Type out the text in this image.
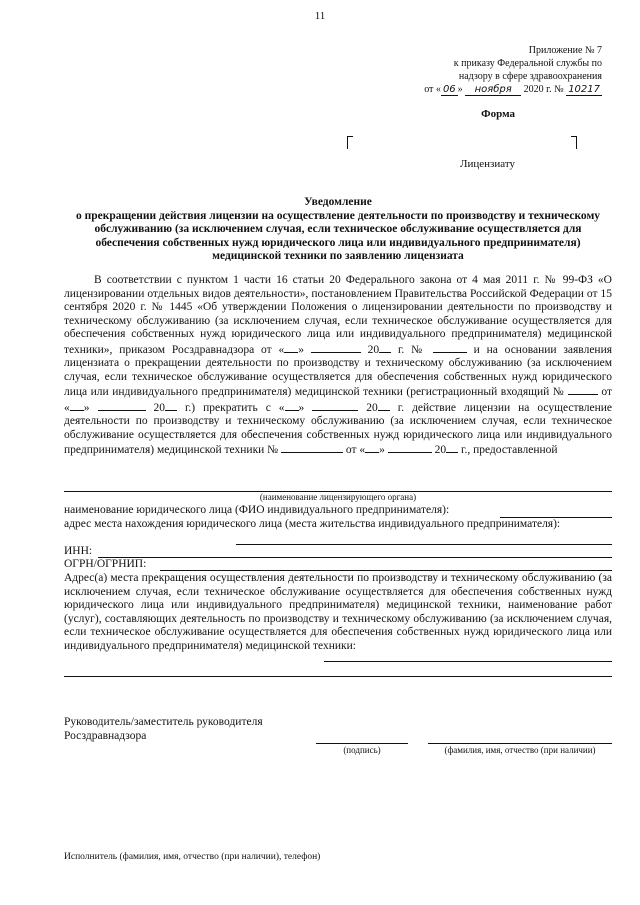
11
Приложение № 7
к приказу Федеральной службы по
надзору в сфере здравоохранения
от « 06 » ноября 2020 г. № 10217
Форма
Лицензиату
Уведомление
о прекращении действия лицензии на осуществление деятельности по производству и техническому обслуживанию (за исключением случая, если техническое обслуживание осуществляется для обеспечения собственных нужд юридического лица или индивидуального предпринимателя) медицинской техники по заявлению лицензиата

В соответствии с пунктом 1 части 16 статьи 20 Федерального закона от 4 мая 2011 г. № 99-ФЗ «О лицензировании отдельных видов деятельности», постановлением Правительства Российской Федерации от 15 сентября 2020 г. № 1445 «Об утверждении Положения о лицензировании деятельности по производству и техническому обслуживанию (за исключением случая, если техническое обслуживание осуществляется для обеспечения собственных нужд юридического лица или индивидуального предпринимателя) медицинской техники», приказом Росздравнадзора от « »	20 г. №	и на основании заявления лицензиата о прекращении деятельности по производству и техническому обслуживанию (за исключением случая, если техническое обслуживание осуществляется для обеспечения собственных нужд юридического лица или индивидуального предпринимателя) медицинской техники (регистрационный входящий №	от « »	20 г.) прекратить с « »	20 г. действие лицензии на осуществление деятельности по производству и техническому обслуживанию (за исключением случая, если техническое обслуживание осуществляется для обеспечения собственных нужд юридического лица или индивидуального предпринимателя) медицинской техники №	от « »	20 г., предоставленной

(наименование лицензирующего органа)
наименование юридического лица (ФИО индивидуального предпринимателя):
адрес места нахождения юридического лица (места жительства индивидуального предпринимателя):
ИНН:
ОГРН/ОГРНИП:
Адрес(а) места прекращения осуществления деятельности по производству и техническому обслуживанию (за исключением случая, если техническое обслуживание осуществляется для обеспечения собственных нужд юридического лица или индивидуального предпринимателя) медицинской техники, наименование работ (услуг), составляющих деятельность по производству и техническому обслуживанию (за исключением случая, если техническое обслуживание осуществляется для обеспечения собственных нужд юридического лица или индивидуального предпринимателя) медицинской техники:
Руководитель/заместитель руководителя
Росздравнадзора
(подпись)	(фамилия, имя, отчество (при наличии)
Исполнитель (фамилия, имя, отчество (при наличии), телефон)
